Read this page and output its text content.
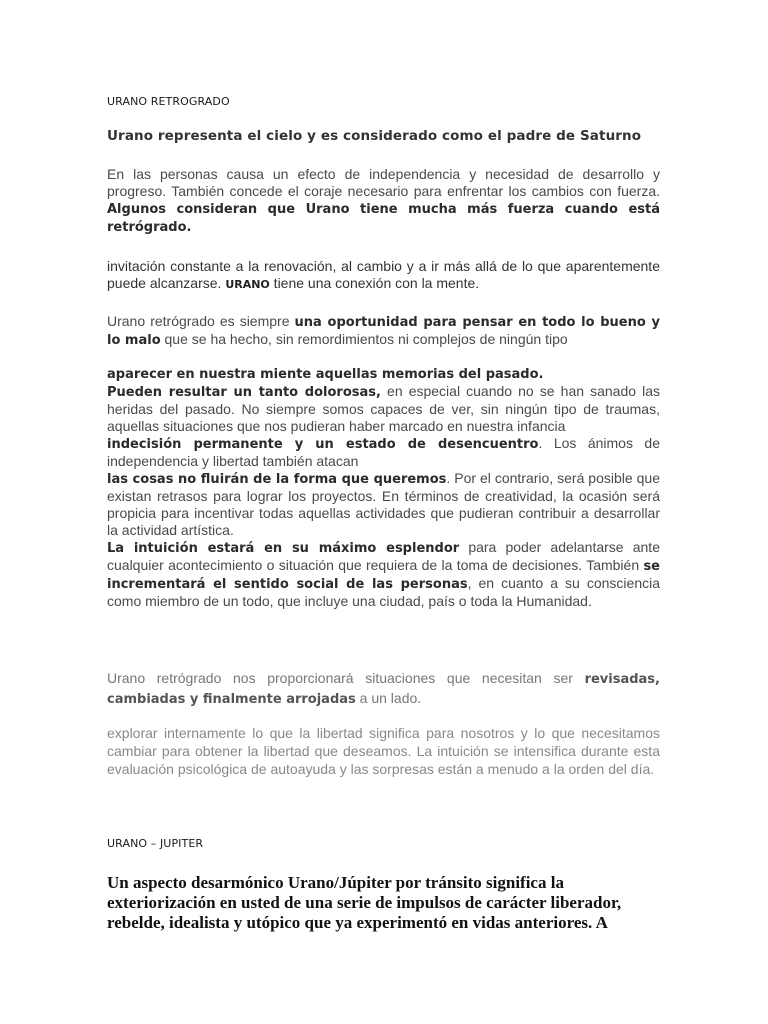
URANO RETROGRADO

Urano representa el cielo y es considerado como el padre de Saturno

En las personas causa un efecto de independencia y necesidad de desarrollo y progreso. También concede el coraje necesario para enfrentar los cambios con fuerza. Algunos consideran que Urano tiene mucha más fuerza cuando está retrógrado.

invitación constante a la renovación, al cambio y a ir más allá de lo que aparentemente puede alcanzarse. URANO tiene una conexión con la mente.

Urano retrógrado es siempre una oportunidad para pensar en todo lo bueno y lo malo que se ha hecho, sin remordimientos ni complejos de ningún tipo

aparecer en nuestra miente aquellas memorias del pasado.
Pueden resultar un tanto dolorosas, en especial cuando no se han sanado las heridas del pasado. No siempre somos capaces de ver, sin ningún tipo de traumas, aquellas situaciones que nos pudieran haber marcado en nuestra infancia
indecisión permanente y un estado de desencuentro. Los ánimos de independencia y libertad también atacan
las cosas no fluirán de la forma que queremos. Por el contrario, será posible que existan retrasos para lograr los proyectos. En términos de creatividad, la ocasión será propicia para incentivar todas aquellas actividades que pudieran contribuir a desarrollar la actividad artística.
La intuición estará en su máximo esplendor para poder adelantarse ante cualquier acontecimiento o situación que requiera de la toma de decisiones. También se incrementará el sentido social de las personas, en cuanto a su consciencia como miembro de un todo, que incluye una ciudad, país o toda la Humanidad.

Urano retrógrado nos proporcionará situaciones que necesitan ser revisadas, cambiadas y finalmente arrojadas a un lado.

explorar internamente lo que la libertad significa para nosotros y lo que necesitamos cambiar para obtener la libertad que deseamos. La intuición se intensifica durante esta evaluación psicológica de autoayuda y las sorpresas están a menudo a la orden del día.

URANO – JUPITER

Un aspecto desarmónico Urano/Júpiter por tránsito significa la exteriorización en usted de una serie de impulsos de carácter liberador, rebelde, idealista y utópico que ya experimentó en vidas anteriores. A
